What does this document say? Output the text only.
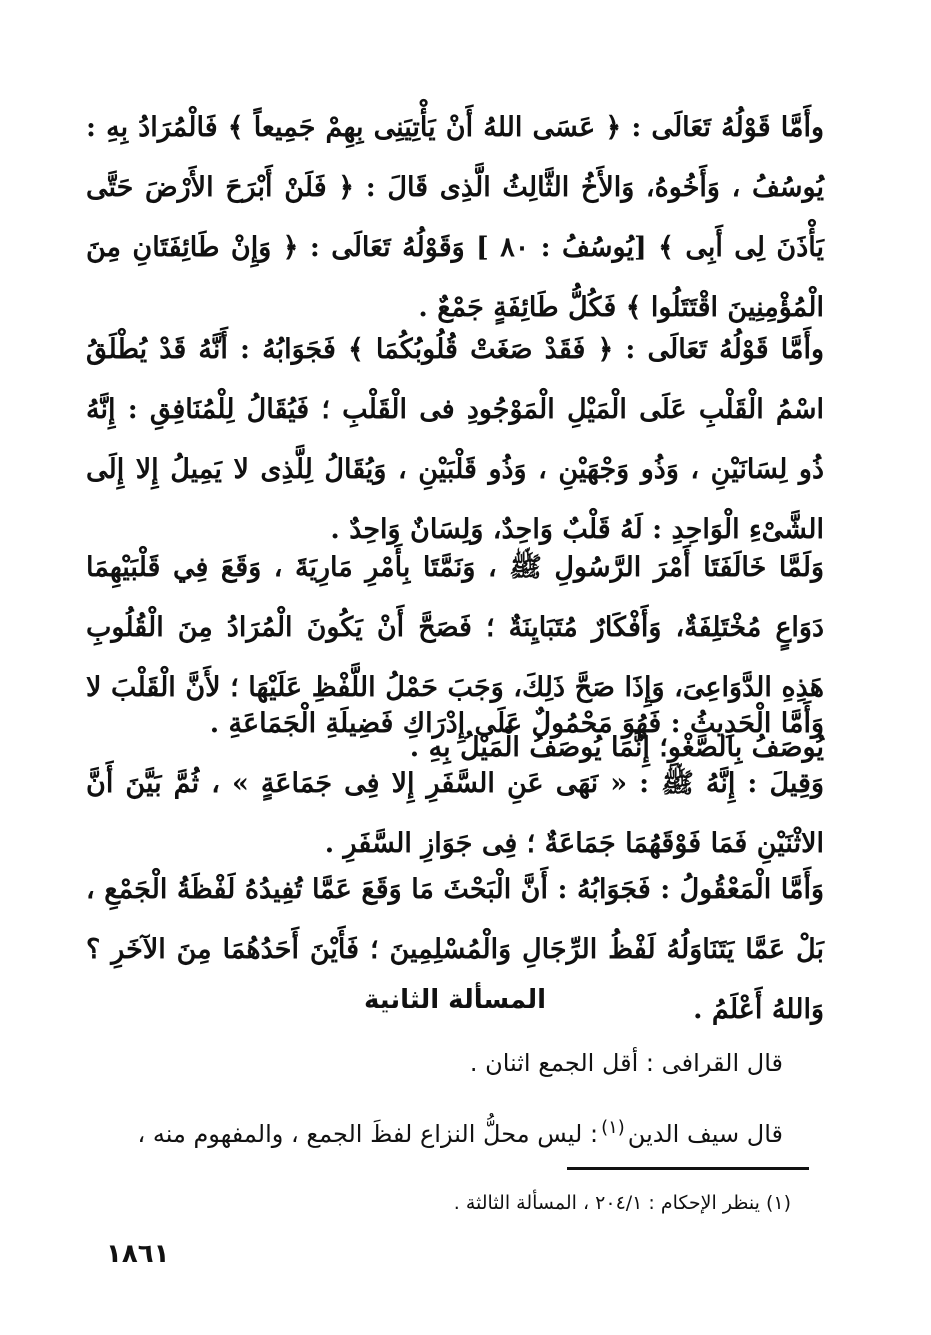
وأَمَّا قَوْلُهُ تَعَالَى : ﴿ عَسَى اللهُ أَنْ يَأْتِيَنِى بِهِمْ جَمِيعاً ﴾ فَالْمُرَادُ بِهِ : يُوسُفُ ، وَأَخُوهُ، وَالأَخُ الثَّالِثُ الَّذِى قَالَ : ﴿ فَلَنْ أَبْرَحَ الأَرْضَ حَتَّى يَأْذَنَ لِى أَبِى ﴾ [يُوسُفُ : ٨٠ ] وَقَوْلُهُ تَعَالَى : ﴿ وَإِنْ طَائِفَتَانِ مِنَ الْمُؤْمِنِينَ اقْتَتَلُوا ﴾ فَكُلُّ طَائِفَةٍ جَمْعٌ .

وأَمَّا قَوْلُهُ تَعَالَى : ﴿ فَقَدْ صَغَتْ قُلُوبُكُمَا ﴾ فَجَوَابُهُ : أَنَّهُ قَدْ يُطْلَقُ اسْمُ الْقَلْبِ عَلَى الْمَيْلِ الْمَوْجُودِ فى الْقَلْبِ ؛ فَيُقَالُ لِلْمُنَافِقِ : إِنَّهُ ذُو لِسَانَيْنِ ، وَذُو وَجْهَيْنِ ، وَذُو قَلْبَيْنِ ، وَيُقَالُ لِلَّذِى لا يَمِيلُ إِلا إِلَى الشَّىْءِ الْوَاحِدِ : لَهُ قَلْبٌ وَاحِدٌ، وَلِسَانٌ وَاحِدٌ .

وَلَمَّا خَالَفَتَا أَمْرَ الرَّسُولِ ﷺ ، وَنَمَّتَا بِأَمْرِ مَارِيَةَ ، وَقَعَ فِي قَلْبَيْهِمَا دَوَاعٍ مُخْتَلِفَةٌ، وَأَفْكَارٌ مُتَبَايِنَةٌ ؛ فَصَحَّ أَنْ يَكُونَ الْمُرَادُ مِنَ الْقُلُوبِ هَذِهِ الدَّوَاعِىَ، وَإِذَا صَحَّ ذَلِكَ، وَجَبَ حَمْلُ اللَّفْظِ عَلَيْهَا ؛ لأَنَّ الْقَلْبَ لا يُوصَفُ بِالصَّغْوِ؛ إِنَّمَا يُوصَفُ الْمَيْلُ بِهِ .

وَأَمَّا الْحَدِيثُ : فَهُوَ مَحْمُولٌ عَلَى إِدْرَاكِ فَضِيلَةِ الْجَمَاعَةِ .

وَقِيلَ : إِنَّهُ ﷺ : « نَهَى عَنِ السَّفَرِ إِلا فِى جَمَاعَةٍ » ، ثُمَّ بَيَّنَ أَنَّ الاثْنَيْنِ فَمَا فَوْقَهُمَا جَمَاعَةٌ ؛ فِى جَوَازِ السَّفَرِ .

وَأَمَّا الْمَعْقُولُ : فَجَوَابُهُ : أَنَّ الْبَحْثَ مَا وَقَعَ عَمَّا تُفِيدُهُ لَفْظَةُ الْجَمْعِ ، بَلْ عَمَّا يَتَنَاوَلُهُ لَفْظُ الرِّجَالِ وَالْمُسْلِمِينَ ؛ فَأَيْنَ أَحَدُهُمَا مِنَ الآخَرِ ؟ وَاللهُ أَعْلَمُ .

المسألة الثانية

قال القرافى : أقل الجمع اثنان .

قال سيف الدين$^{(١)}$: ليس محلُّ النزاع لفظَ الجمع ، والمفهوم منه ،

(١) ينظر الإحكام : ٢٠٤/١ ، المسألة الثالثة .

١٨٦١
